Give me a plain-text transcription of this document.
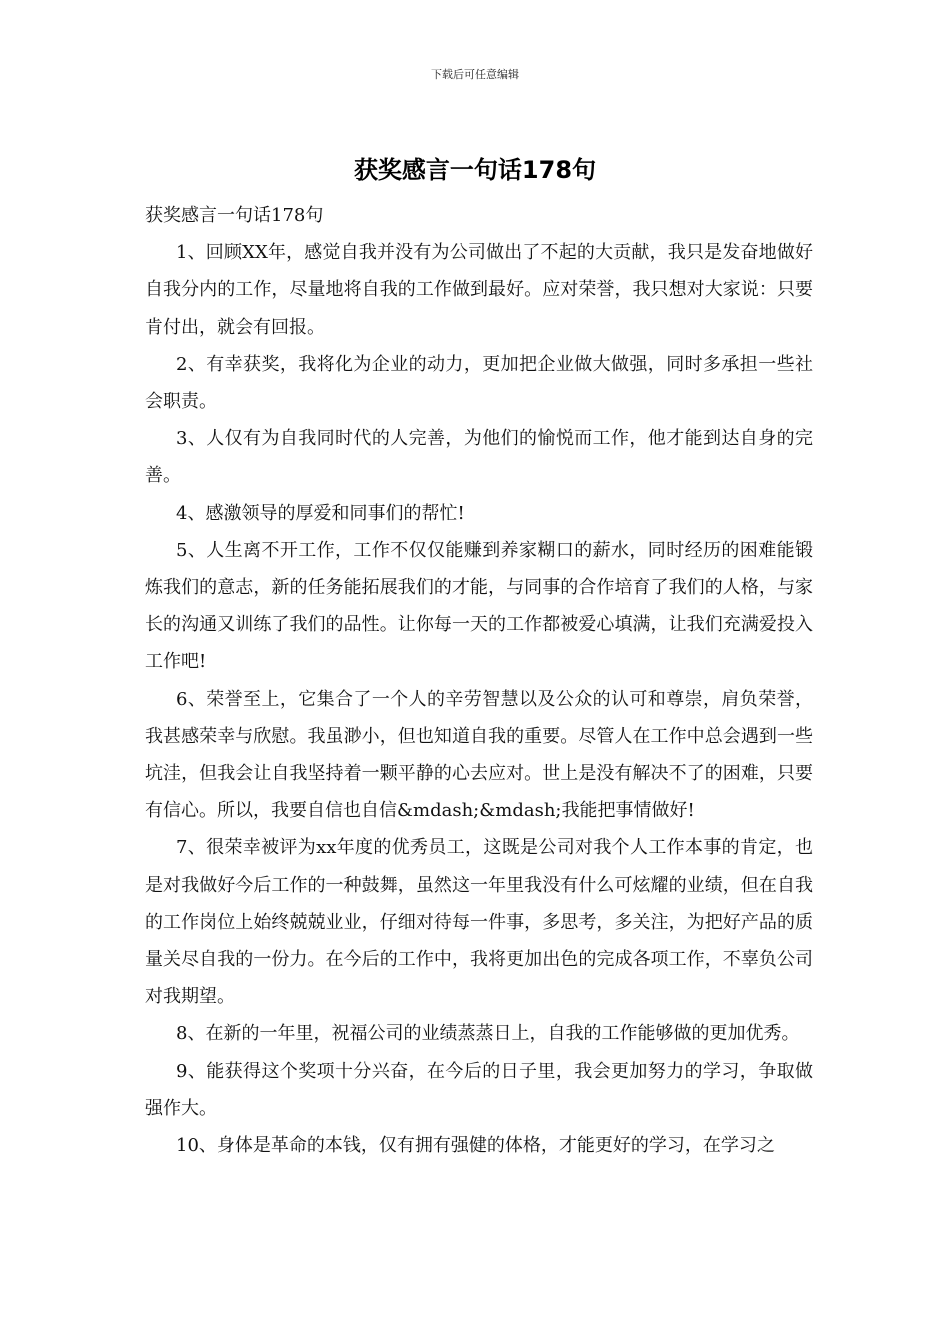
下载后可任意编辑
获奖感言一句话178句

获奖感言一句话178句

1、回顾XX年，感觉自我并没有为公司做出了不起的大贡献，我只是发奋地做好自我分内的工作，尽量地将自我的工作做到最好。应对荣誉，我只想对大家说：只要肯付出，就会有回报。

2、有幸获奖，我将化为企业的动力，更加把企业做大做强，同时多承担一些社会职责。

3、人仅有为自我同时代的人完善，为他们的愉悦而工作，他才能到达自身的完善。

4、感激领导的厚爱和同事们的帮忙!

5、人生离不开工作，工作不仅仅能赚到养家糊口的薪水，同时经历的困难能锻炼我们的意志，新的任务能拓展我们的才能，与同事的合作培育了我们的人格，与家长的沟通又训练了我们的品性。让你每一天的工作都被爱心填满，让我们充满爱投入工作吧!

6、荣誉至上，它集合了一个人的辛劳智慧以及公众的认可和尊崇，肩负荣誉，我甚感荣幸与欣慰。我虽渺小，但也知道自我的重要。尽管人在工作中总会遇到一些坑洼，但我会让自我坚持着一颗平静的心去应对。世上是没有解决不了的困难，只要有信心。所以，我要自信也自信&mdash;&mdash;我能把事情做好!

7、很荣幸被评为xx年度的优秀员工，这既是公司对我个人工作本事的肯定，也是对我做好今后工作的一种鼓舞，虽然这一年里我没有什么可炫耀的业绩，但在自我的工作岗位上始终兢兢业业，仔细对待每一件事，多思考，多关注，为把好产品的质量关尽自我的一份力。在今后的工作中，我将更加出色的完成各项工作，不辜负公司对我期望。

8、在新的一年里，祝福公司的业绩蒸蒸日上，自我的工作能够做的更加优秀。

9、能获得这个奖项十分兴奋，在今后的日子里，我会更加努力的学习，争取做强作大。

10、身体是革命的本钱，仅有拥有强健的体格，才能更好的学习，在学习之
